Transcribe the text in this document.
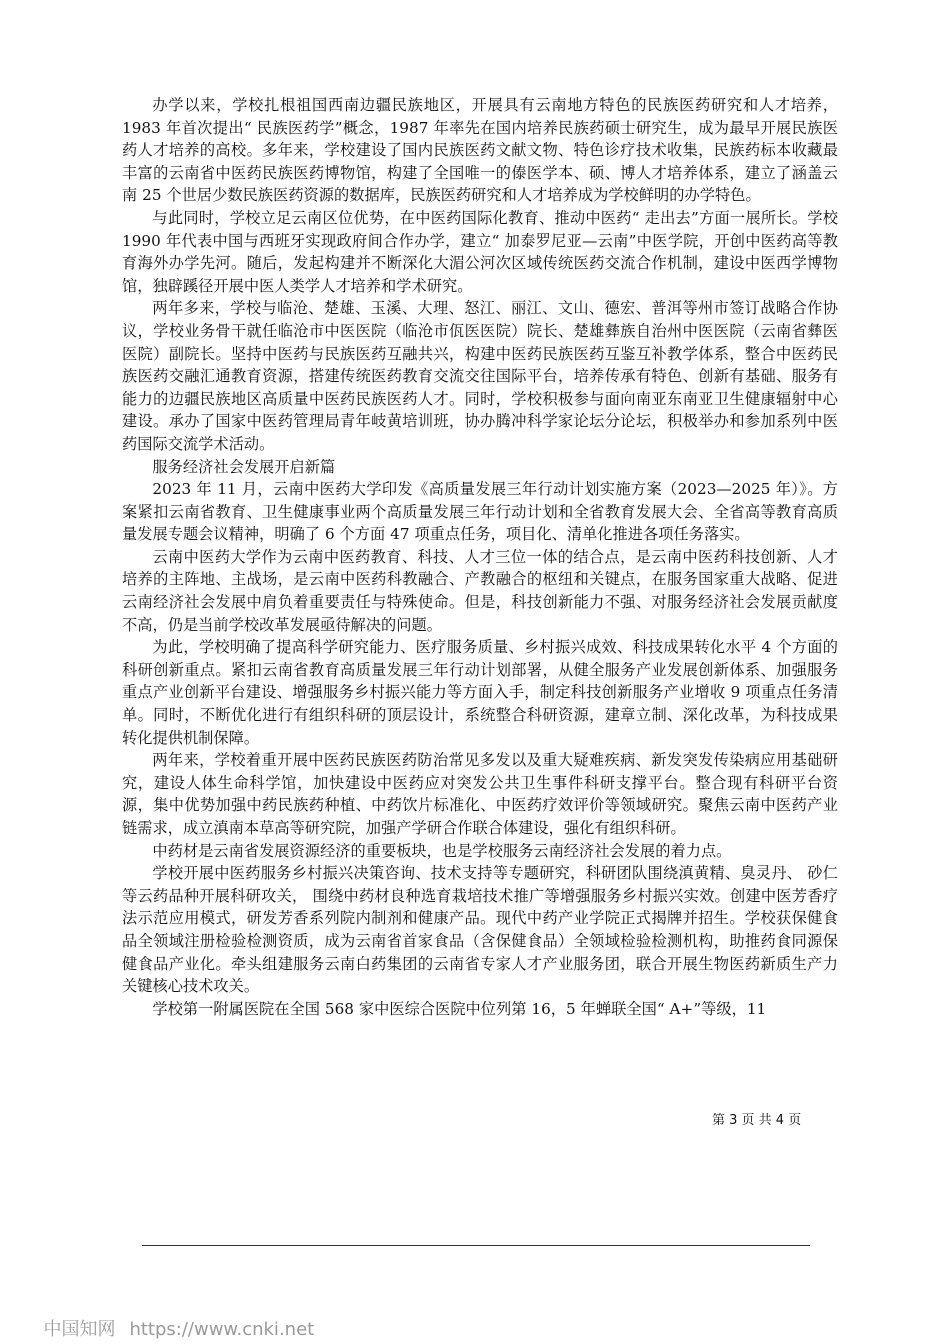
办学以来，学校扎根祖国西南边疆民族地区，开展具有云南地方特色的民族医药研究和人才培养，1983 年首次提出“ 民族医药学”概念，1987 年率先在国内培养民族药硕士研究生，成为最早开展民族医药人才培养的高校。多年来，学校建设了国内民族医药文献文物、特色诊疗技术收集，民族药标本收藏最丰富的云南省中医药民族医药博物馆，构建了全国唯一的傣医学本、硕、博人才培养体系，建立了涵盖云南 25 个世居少数民族医药资源的数据库，民族医药研究和人才培养成为学校鲜明的办学特色。

与此同时，学校立足云南区位优势，在中医药国际化教育、推动中医药“ 走出去”方面一展所长。学校 1990 年代表中国与西班牙实现政府间合作办学，建立“ 加泰罗尼亚—云南”中医学院，开创中医药高等教育海外办学先河。随后，发起构建并不断深化大湄公河次区域传统医药交流合作机制，建设中医西学博物馆，独辟蹊径开展中医人类学人才培养和学术研究。

两年多来，学校与临沧、楚雄、玉溪、大理、怒江、丽江、文山、德宏、普洱等州市签订战略合作协议，学校业务骨干就任临沧市中医医院（临沧市佤医医院）院长、楚雄彝族自治州中医医院（云南省彝医医院）副院长。坚持中医药与民族医药互融共兴，构建中医药民族医药互鉴互补教学体系，整合中医药民族医药交融汇通教育资源，搭建传统医药教育交流交往国际平台，培养传承有特色、创新有基础、服务有能力的边疆民族地区高质量中医药民族医药人才。同时，学校积极参与面向南亚东南亚卫生健康辐射中心建设。承办了国家中医药管理局青年岐黄培训班，协办腾冲科学家论坛分论坛，积极举办和参加系列中医药国际交流学术活动。

服务经济社会发展开启新篇

2023 年 11 月，云南中医药大学印发《高质量发展三年行动计划实施方案（2023—2025 年）》。方案紧扣云南省教育、卫生健康事业两个高质量发展三年行动计划和全省教育发展大会、全省高等教育高质量发展专题会议精神，明确了 6 个方面 47 项重点任务，项目化、清单化推进各项任务落实。

云南中医药大学作为云南中医药教育、科技、人才三位一体的结合点，是云南中医药科技创新、人才培养的主阵地、主战场，是云南中医药科教融合、产教融合的枢纽和关键点，在服务国家重大战略、促进云南经济社会发展中肩负着重要责任与特殊使命。但是，科技创新能力不强、对服务经济社会发展贡献度不高，仍是当前学校改革发展亟待解决的问题。

为此，学校明确了提高科学研究能力、医疗服务质量、乡村振兴成效、科技成果转化水平 4 个方面的科研创新重点。紧扣云南省教育高质量发展三年行动计划部署，从健全服务产业发展创新体系、加强服务重点产业创新平台建设、增强服务乡村振兴能力等方面入手，制定科技创新服务产业增收 9 项重点任务清单。同时，不断优化进行有组织科研的顶层设计，系统整合科研资源，建章立制、深化改革，为科技成果转化提供机制保障。

两年来，学校着重开展中医药民族医药防治常见多发以及重大疑难疾病、新发突发传染病应用基础研究，建设人体生命科学馆，加快建设中医药应对突发公共卫生事件科研支撑平台。整合现有科研平台资源，集中优势加强中药民族药种植、中药饮片标准化、中医药疗效评价等领域研究。聚焦云南中医药产业链需求，成立滇南本草高等研究院，加强产学研合作联合体建设，强化有组织科研。

中药材是云南省发展资源经济的重要板块，也是学校服务云南经济社会发展的着力点。

学校开展中医药服务乡村振兴决策咨询、技术支持等专题研究，科研团队围绕滇黄精、臭灵丹、 砂仁等云药品种开展科研攻关， 围绕中药材良种选育栽培技术推广等增强服务乡村振兴实效。创建中医芳香疗法示范应用模式，研发芳香系列院内制剂和健康产品。现代中药产业学院正式揭牌并招生。学校获保健食品全领域注册检验检测资质，成为云南省首家食品（含保健食品）全领域检验检测机构，助推药食同源保健食品产业化。牵头组建服务云南白药集团的云南省专家人才产业服务团，联合开展生物医药新质生产力关键核心技术攻关。

学校第一附属医院在全国 568 家中医综合医院中位列第 16，5 年蝉联全国“ A+”等级，11

第 3 页 共 4 页

中国知网 https://www.cnki.net
